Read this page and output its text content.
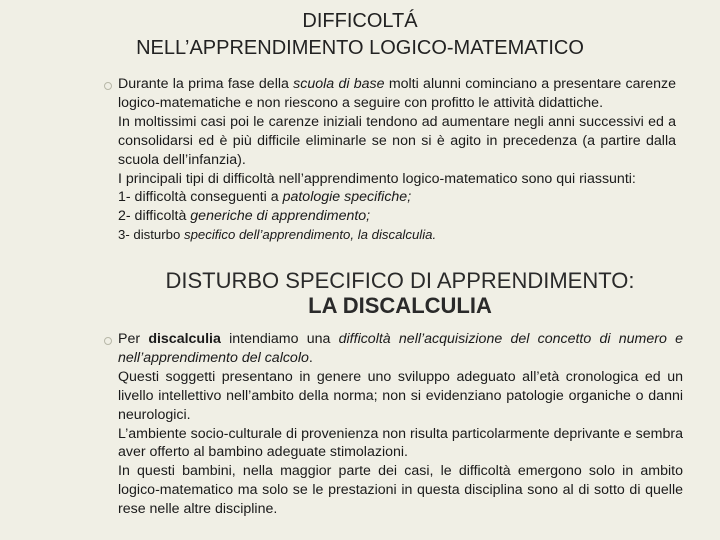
DIFFICOLTÁ
NELL’APPRENDIMENTO LOGICO-MATEMATICO
Durante la prima fase della scuola di base molti alunni cominciano a presentare carenze logico-matematiche e non riescono a seguire con profitto le attività didattiche.
In moltissimi casi poi le carenze iniziali tendono ad aumentare negli anni successivi ed a consolidarsi ed è più difficile eliminarle se non si è agito in precedenza (a partire dalla scuola dell’infanzia).
I principali tipi di difficoltà nell’apprendimento logico-matematico sono qui riassunti:
1- difficoltà conseguenti a patologie specifiche;
2- difficoltà generiche di apprendimento;
3- disturbo specifico dell’apprendimento, la discalculia.
DISTURBO SPECIFICO DI APPRENDIMENTO:
LA DISCALCULIA
Per discalculia intendiamo una difficoltà nell’acquisizione del concetto di numero e nell’apprendimento del calcolo.
Questi soggetti presentano in genere uno sviluppo adeguato all’età cronologica ed un livello intellettivo nell’ambito della norma; non si evidenziano patologie organiche o danni neurologici.
L’ambiente socio-culturale di provenienza non risulta particolarmente deprivante e sembra aver offerto al bambino adeguate stimolazioni.
In questi bambini, nella maggior parte dei casi, le difficoltà emergono solo in ambito logico-matematico ma solo se le prestazioni in questa disciplina sono al di sotto di quelle rese nelle altre discipline.
